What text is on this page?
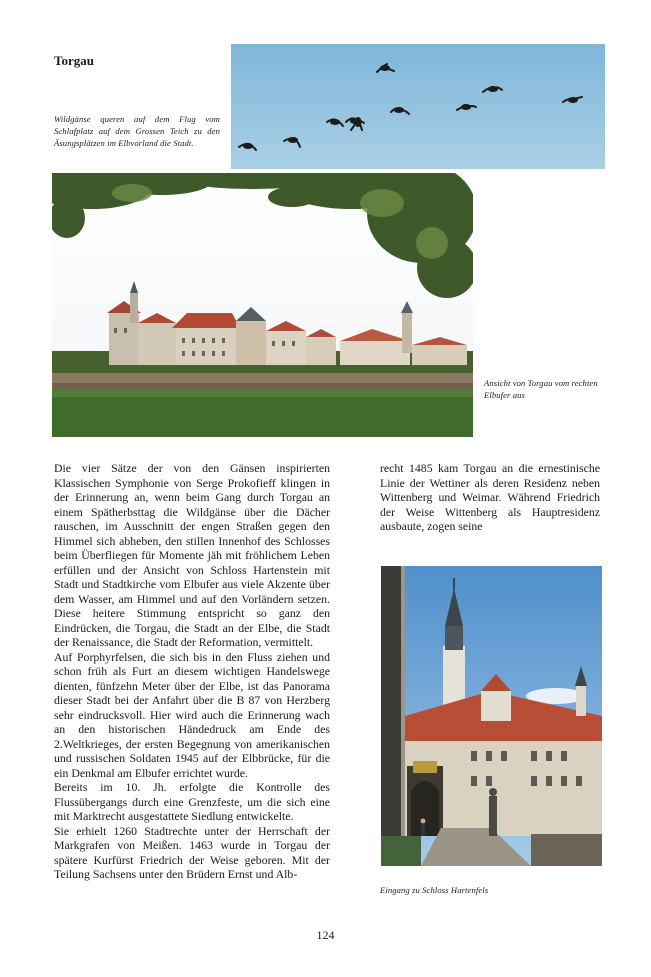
Torgau
Wildgänse queren auf dem Flug vom Schlafplatz auf dem Grossen Teich zu den Äsungsplätzen im Elbvorland die Stadt.
Ansicht von Torgau vom rechten Elbufer aus

Die vier Sätze der von den Gänsen inspirierten Klassischen Symphonie von Serge Prokofieff klingen in der Erinnerung an, wenn beim Gang durch Torgau an einem Spätherbsttag die Wildgänse über die Dächer rauschen, im Ausschnitt der engen Straßen gegen den Himmel sich abheben, den stillen Innenhof des Schlosses beim Überfliegen für Momente jäh mit fröhlichem Leben erfüllen und der Ansicht von Schloss Hartenstein mit Stadt und Stadtkirche vom Elbufer aus viele Akzente über dem Wasser, am Himmel und auf den Vorländern setzen. Diese heitere Stimmung entspricht so ganz den Eindrücken, die Torgau, die Stadt an der Elbe, die Stadt der Renaissance, die Stadt der Reformation, vermittelt.

Auf Porphyrfelsen, die sich bis in den Fluss ziehen und schon früh als Furt an diesem wichtigen Handelswege dienten, fünfzehn Meter über der Elbe, ist das Panorama dieser Stadt bei der Anfahrt über die B 87 von Herzberg sehr eindrucksvoll. Hier wird auch die Erinnerung wach an den historischen Händedruck am Ende des 2.Weltkrieges, der ersten Begegnung von amerikanischen und russischen Soldaten 1945 auf der Elbbrücke, für die ein Denkmal am Elbufer errichtet wurde.

Bereits im 10. Jh. erfolgte die Kontrolle des Flussübergangs durch eine Grenzfeste, um die sich eine mit Marktrecht ausgestattete Siedlung entwickelte.

Sie erhielt 1260 Stadtrechte unter der Herrschaft der Markgrafen von Meißen. 1463 wurde in Torgau der spätere Kurfürst Friedrich der Weise geboren. Mit der Teilung Sachsens unter den Brüdern Ernst und Alb-

recht 1485 kam Torgau an die ernestinische Linie der Wettiner als deren Residenz neben Wittenberg und Weimar. Während Friedrich der Weise Wittenberg als Hauptresidenz ausbaute, zogen seine

Eingang zu Schloss Hartenfels
124
